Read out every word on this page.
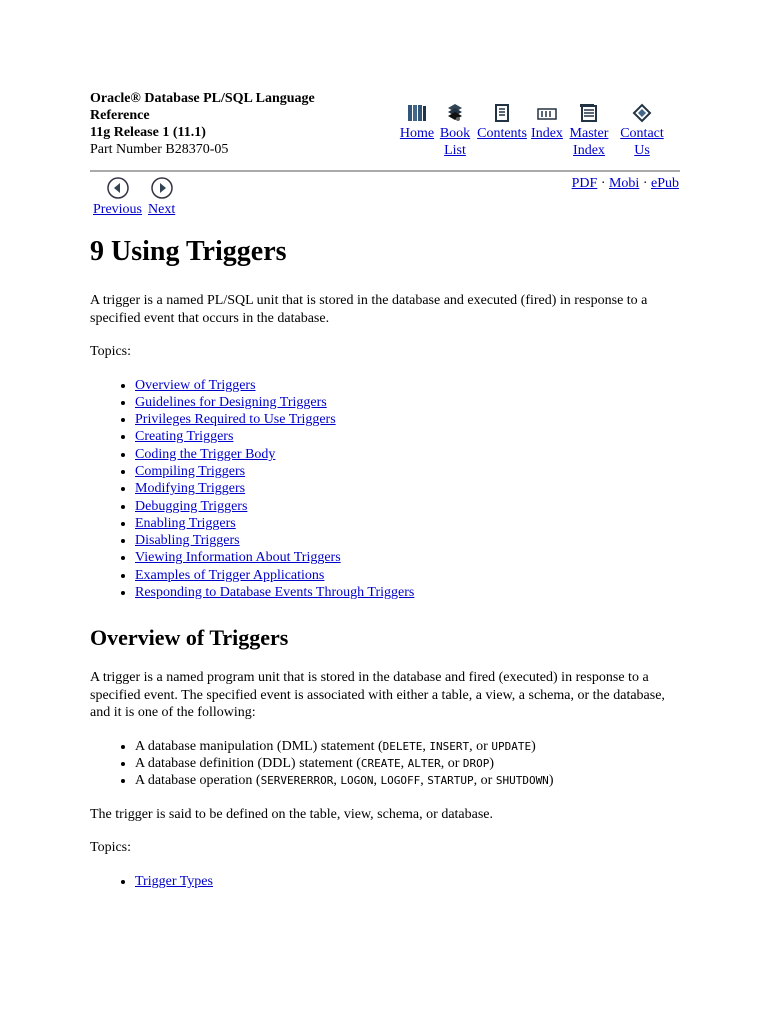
Oracle® Database PL/SQL Language Reference
11g Release 1 (11.1)
Part Number B28370-05
Home Book List
Contents Index Master Index
Contact Us
Previous Next
PDF · Mobi · ePub
9 Using Triggers

A trigger is a named PL/SQL unit that is stored in the database and executed (fired) in response to a specified event that occurs in the database.

Topics:

• Overview of Triggers
• Guidelines for Designing Triggers
• Privileges Required to Use Triggers
• Creating Triggers
• Coding the Trigger Body
• Compiling Triggers
• Modifying Triggers
• Debugging Triggers
• Enabling Triggers
• Disabling Triggers
• Viewing Information About Triggers
• Examples of Trigger Applications
• Responding to Database Events Through Triggers
Overview of Triggers

A trigger is a named program unit that is stored in the database and fired (executed) in response to a specified event. The specified event is associated with either a table, a view, a schema, or the database, and it is one of the following:

• A database manipulation (DML) statement (DELETE, INSERT, or UPDATE)
• A database definition (DDL) statement (CREATE, ALTER, or DROP)
• A database operation (SERVERERROR, LOGON, LOGOFF, STARTUP, or SHUTDOWN)

The trigger is said to be defined on the table, view, schema, or database.

Topics:

• Trigger Types
